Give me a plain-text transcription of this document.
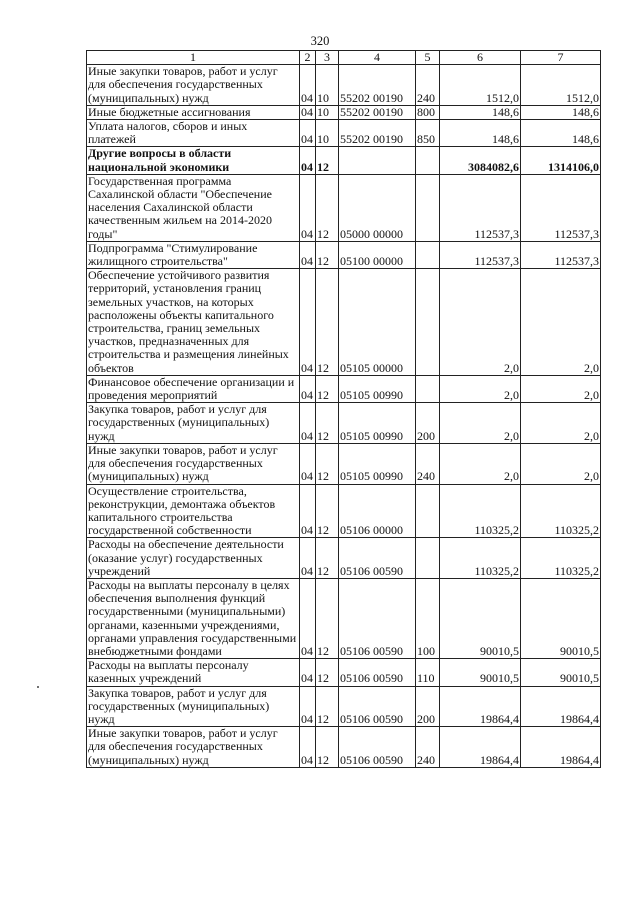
320
1	2	3	4	5	6	7
Иные закупки товаров, работ и услуг для обеспечения государственных (муниципальных) нужд	04	10	55202 00190	240	1512,0	1512,0
Иные бюджетные ассигнования	04	10	55202 00190	800	148,6	148,6
Уплата налогов, сборов и иных платежей	04	10	55202 00190	850	148,6	148,6
Другие вопросы в области национальной экономики	04	12			3084082,6	1314106,0
Государственная программа Сахалинской области "Обеспечение населения Сахалинской области качественным жильем на 2014-2020 годы"	04	12	05000 00000		112537,3	112537,3
Подпрограмма "Стимулирование жилищного строительства"	04	12	05100 00000		112537,3	112537,3
Обеспечение устойчивого развития территорий, установления границ земельных участков, на которых расположены объекты капитального строительства, границ земельных участков, предназначенных для строительства и размещения линейных объектов	04	12	05105 00000		2,0	2,0
Финансовое обеспечение организации и проведения мероприятий	04	12	05105 00990		2,0	2,0
Закупка товаров, работ и услуг для государственных (муниципальных) нужд	04	12	05105 00990	200	2,0	2,0
Иные закупки товаров, работ и услуг для обеспечения государственных (муниципальных) нужд	04	12	05105 00990	240	2,0	2,0
Осуществление строительства, реконструкции, демонтажа объектов капитального строительства государственной собственности	04	12	05106 00000		110325,2	110325,2
Расходы на обеспечение деятельности (оказание услуг) государственных учреждений	04	12	05106 00590		110325,2	110325,2
Расходы на выплаты персоналу в целях обеспечения выполнения функций государственными (муниципальными) органами, казенными учреждениями, органами управления государственными внебюджетными фондами	04	12	05106 00590	100	90010,5	90010,5
Расходы на выплаты персоналу казенных учреждений	04	12	05106 00590	110	90010,5	90010,5
Закупка товаров, работ и услуг для государственных (муниципальных) нужд	04	12	05106 00590	200	19864,4	19864,4
Иные закупки товаров, работ и услуг для обеспечения государственных (муниципальных) нужд	04	12	05106 00590	240	19864,4	19864,4
